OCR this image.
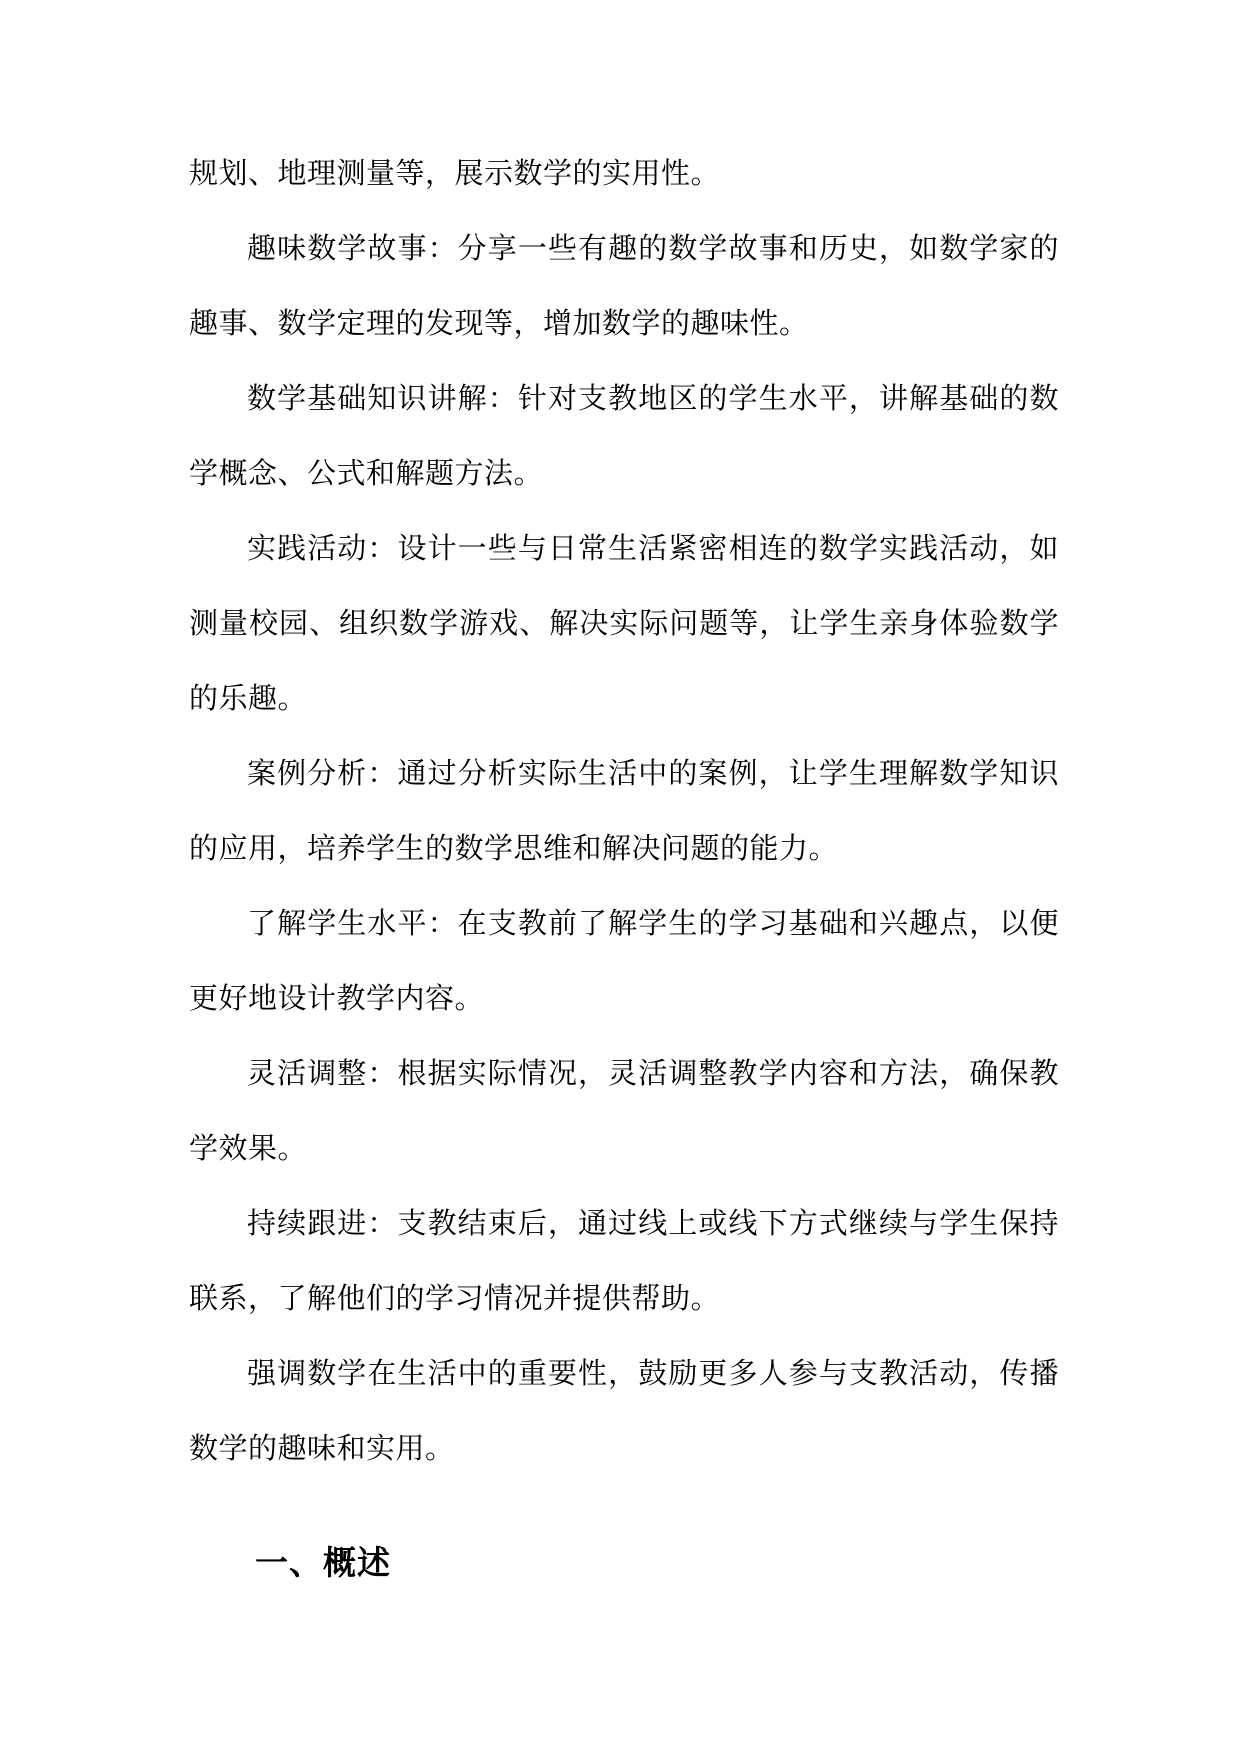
规划、地理测量等，展示数学的实用性。

趣味数学故事：分享一些有趣的数学故事和历史，如数学家的趣事、数学定理的发现等，增加数学的趣味性。

数学基础知识讲解：针对支教地区的学生水平，讲解基础的数学概念、公式和解题方法。

实践活动：设计一些与日常生活紧密相连的数学实践活动，如测量校园、组织数学游戏、解决实际问题等，让学生亲身体验数学的乐趣。

案例分析：通过分析实际生活中的案例，让学生理解数学知识的应用，培养学生的数学思维和解决问题的能力。

了解学生水平：在支教前了解学生的学习基础和兴趣点，以便更好地设计教学内容。

灵活调整：根据实际情况，灵活调整教学内容和方法，确保教学效果。

持续跟进：支教结束后，通过线上或线下方式继续与学生保持联系，了解他们的学习情况并提供帮助。

强调数学在生活中的重要性，鼓励更多人参与支教活动，传播数学的趣味和实用。

一、概述
